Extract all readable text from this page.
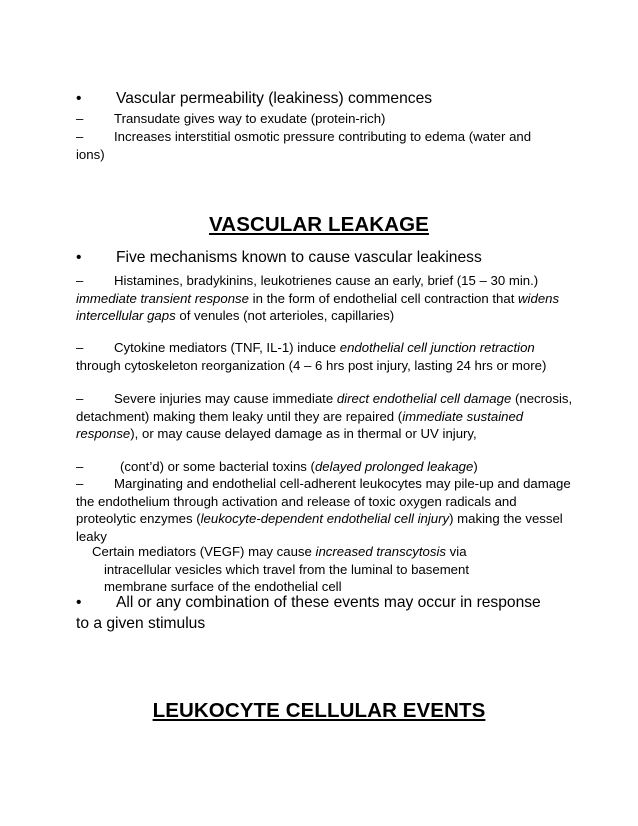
• Vascular permeability (leakiness) commences
– Transudate gives way to exudate (protein-rich)
– Increases interstitial osmotic pressure contributing to edema (water and ions)
VASCULAR LEAKAGE
• Five mechanisms known to cause vascular leakiness
– Histamines, bradykinins, leukotrienes cause an early, brief (15 – 30 min.) immediate transient response in the form of endothelial cell contraction that widens intercellular gaps of venules (not arterioles, capillaries)
– Cytokine mediators (TNF, IL-1) induce endothelial cell junction retraction through cytoskeleton reorganization (4 – 6 hrs post injury, lasting 24 hrs or more)
– Severe injuries may cause immediate direct endothelial cell damage (necrosis, detachment) making them leaky until they are repaired (immediate sustained response), or may cause delayed damage as in thermal or UV injury,
–	(cont’d) or some bacterial toxins (delayed prolonged leakage)
– Marginating and endothelial cell-adherent leukocytes may pile-up and damage the endothelium through activation and release of toxic oxygen radicals and proteolytic enzymes (leukocyte-dependent endothelial cell injury) making the vessel leaky
Certain mediators (VEGF) may cause increased transcytosis via intracellular vesicles which travel from the luminal to basement membrane surface of the endothelial cell
• All or any combination of these events may occur in response to a given stimulus
LEUKOCYTE CELLULAR EVENTS
